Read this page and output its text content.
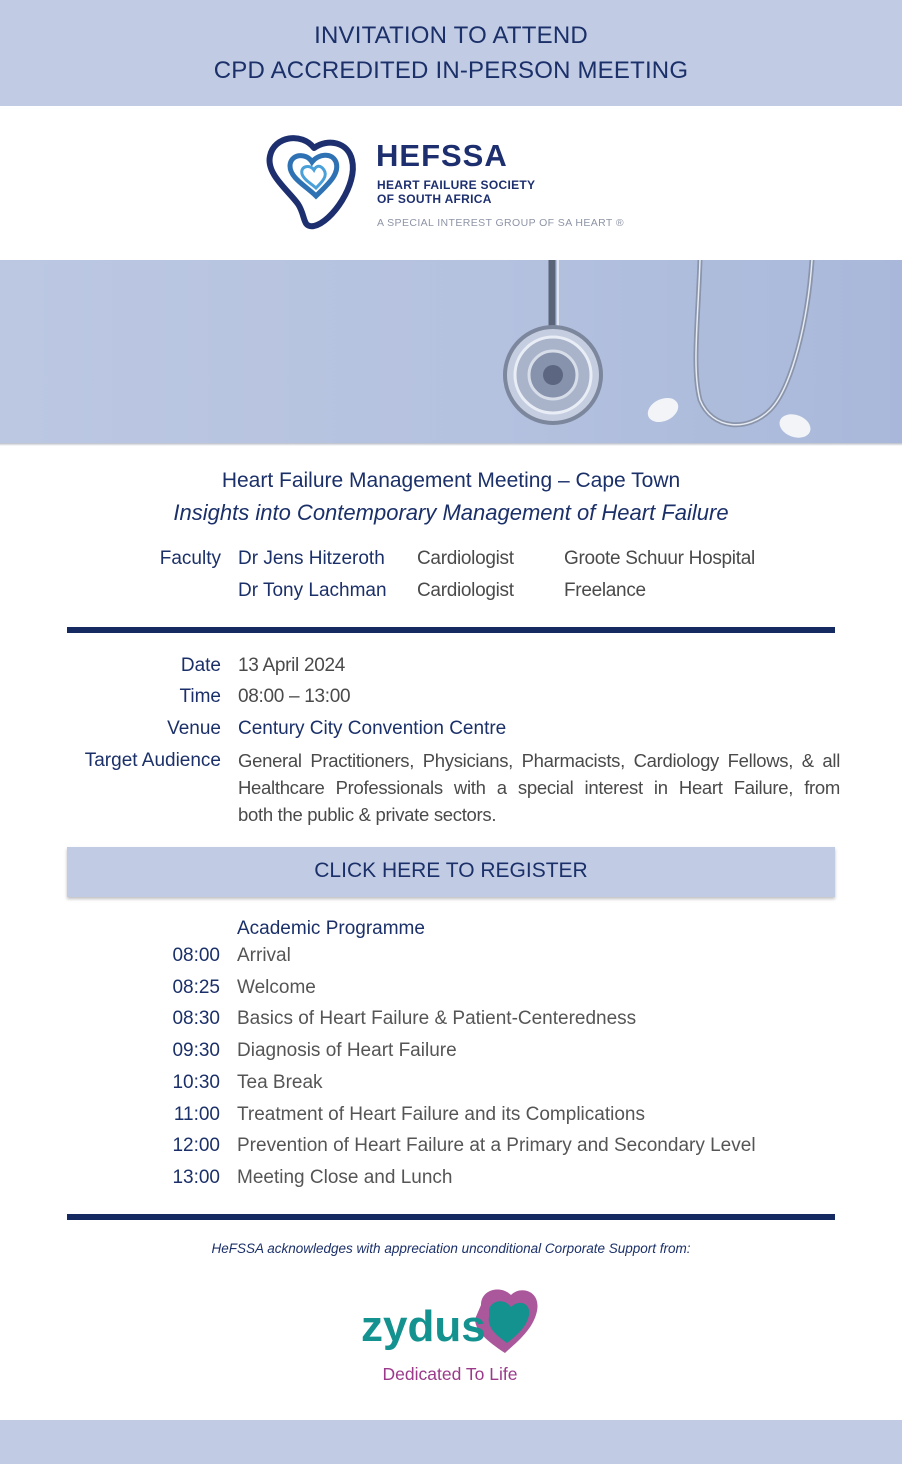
INVITATION TO ATTEND
CPD ACCREDITED IN-PERSON MEETING
HEFSSA
HEART FAILURE SOCIETY
OF SOUTH AFRICA
A SPECIAL INTEREST GROUP OF SA HEART ®
Heart Failure Management Meeting – Cape Town
Insights into Contemporary Management of Heart Failure
Faculty Dr Jens Hitzeroth Cardiologist	Groote Schuur Hospital
Dr Tony Lachman Cardiologist	Freelance
Date 13 April 2024
Time 08:00 – 13:00
Venue Century City Convention Centre
Target Audience General Practitioners, Physicians, Pharmacists, Cardiology Fellows, & all
Healthcare Professionals with a special interest in Heart Failure, from
both the public & private sectors.
CLICK HERE TO REGISTER
Academic Programme
08:00 Arrival
08:25 Welcome
08:30 Basics of Heart Failure & Patient-Centeredness
09:30 Diagnosis of Heart Failure
10:30 Tea Break
11:00 Treatment of Heart Failure and its Complications
12:00 Prevention of Heart Failure at a Primary and Secondary Level
13:00 Meeting Close and Lunch
HeFSSA acknowledges with appreciation unconditional Corporate Support from:
zydus
Dedicated To Life
